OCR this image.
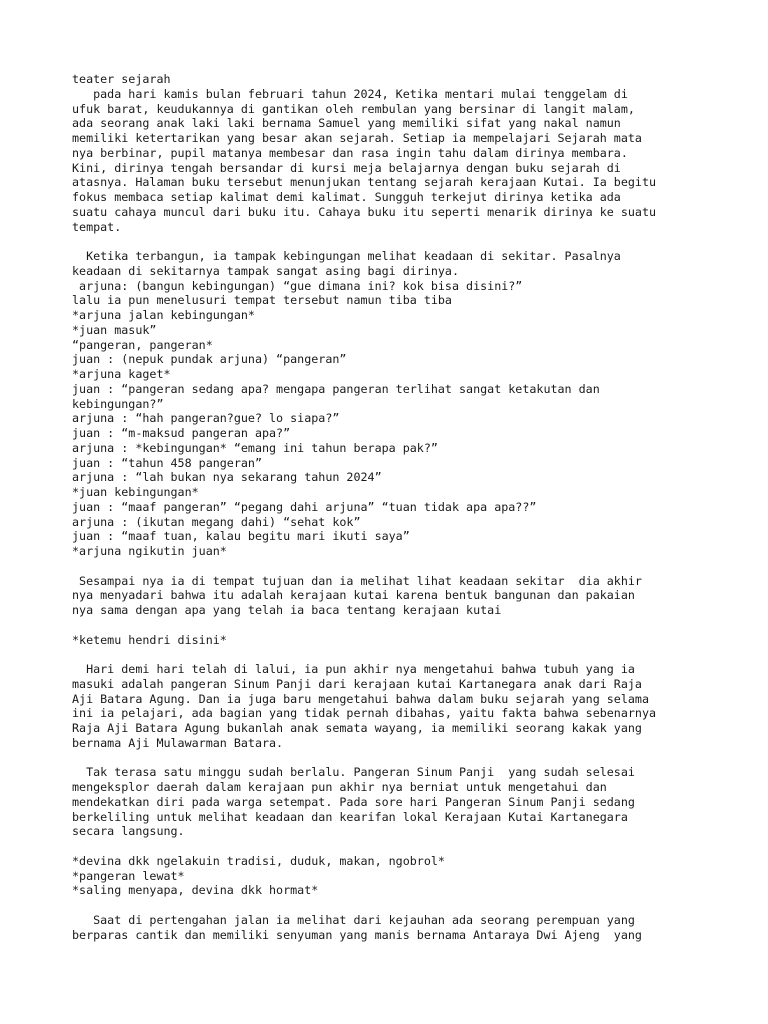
teater sejarah
pada hari kamis bulan februari tahun 2024, Ketika mentari mulai tenggelam di
ufuk barat, keudukannya di gantikan oleh rembulan yang bersinar di langit malam,
ada seorang anak laki laki bernama Samuel yang memiliki sifat yang nakal namun
memiliki ketertarikan yang besar akan sejarah. Setiap ia mempelajari Sejarah mata
nya berbinar, pupil matanya membesar dan rasa ingin tahu dalam dirinya membara.
Kini, dirinya tengah bersandar di kursi meja belajarnya dengan buku sejarah di
atasnya. Halaman buku tersebut menunjukan tentang sejarah kerajaan Kutai. Ia begitu
fokus membaca setiap kalimat demi kalimat. Sungguh terkejut dirinya ketika ada
suatu cahaya muncul dari buku itu. Cahaya buku itu seperti menarik dirinya ke suatu
tempat.
Ketika terbangun, ia tampak kebingungan melihat keadaan di sekitar. Pasalnya
keadaan di sekitarnya tampak sangat asing bagi dirinya.
arjuna: (bangun kebingungan) “gue dimana ini? kok bisa disini?”
lalu ia pun menelusuri tempat tersebut namun tiba tiba
*arjuna jalan kebingungan*
*juan masuk”
“pangeran, pangeran*
juan : (nepuk pundak arjuna) “pangeran”
*arjuna kaget*
juan : “pangeran sedang apa? mengapa pangeran terlihat sangat ketakutan dan
kebingungan?”
arjuna : “hah pangeran?gue? lo siapa?”
juan : “m-maksud pangeran apa?”
arjuna : *kebingungan* “emang ini tahun berapa pak?”
juan : “tahun 458 pangeran”
arjuna : “lah bukan nya sekarang tahun 2024”
*juan kebingungan*
juan : “maaf pangeran” “pegang dahi arjuna” “tuan tidak apa apa??”
arjuna : (ikutan megang dahi) “sehat kok”
juan : “maaf tuan, kalau begitu mari ikuti saya”
*arjuna ngikutin juan*
Sesampai nya ia di tempat tujuan dan ia melihat lihat keadaan sekitar  dia akhir
nya menyadari bahwa itu adalah kerajaan kutai karena bentuk bangunan dan pakaian
nya sama dengan apa yang telah ia baca tentang kerajaan kutai
*ketemu hendri disini*
Hari demi hari telah di lalui, ia pun akhir nya mengetahui bahwa tubuh yang ia
masuki adalah pangeran Sinum Panji dari kerajaan kutai Kartanegara anak dari Raja
Aji Batara Agung. Dan ia juga baru mengetahui bahwa dalam buku sejarah yang selama
ini ia pelajari, ada bagian yang tidak pernah dibahas, yaitu fakta bahwa sebenarnya
Raja Aji Batara Agung bukanlah anak semata wayang, ia memiliki seorang kakak yang
bernama Aji Mulawarman Batara.
Tak terasa satu minggu sudah berlalu. Pangeran Sinum Panji  yang sudah selesai
mengeksplor daerah dalam kerajaan pun akhir nya berniat untuk mengetahui dan
mendekatkan diri pada warga setempat. Pada sore hari Pangeran Sinum Panji sedang
berkeliling untuk melihat keadaan dan kearifan lokal Kerajaan Kutai Kartanegara
secara langsung.
*devina dkk ngelakuin tradisi, duduk, makan, ngobrol*
*pangeran lewat*
*saling menyapa, devina dkk hormat*
Saat di pertengahan jalan ia melihat dari kejauhan ada seorang perempuan yang
berparas cantik dan memiliki senyuman yang manis bernama Antaraya Dwi Ajeng  yang
